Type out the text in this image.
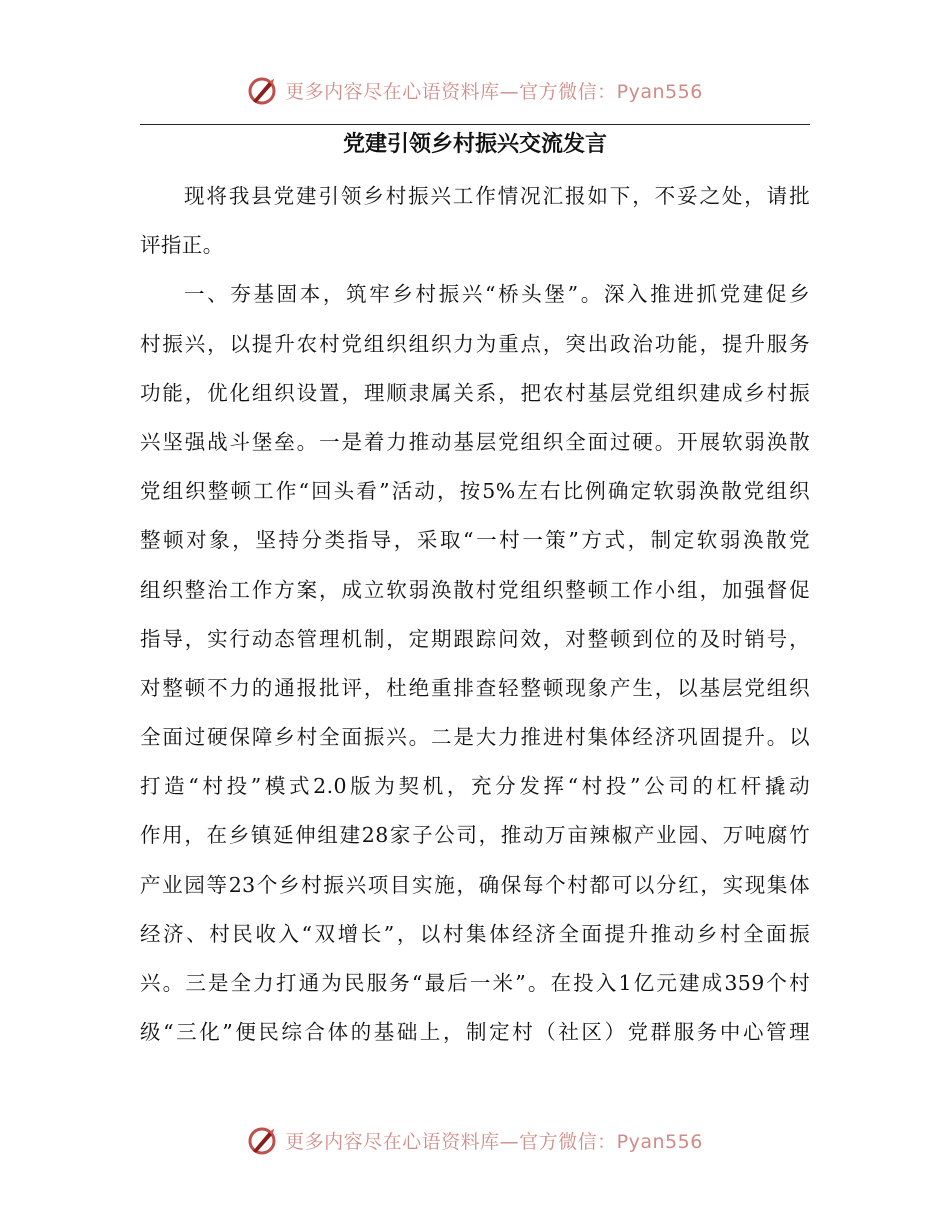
更多内容尽在心语资料库—官方微信：Pyan556
党建引领乡村振兴交流发言
现将我县党建引领乡村振兴工作情况汇报如下，不妥之处，请批
评指正。
一、夯基固本，筑牢乡村振兴“桥头堡”。深入推进抓党建促乡
村振兴，以提升农村党组织组织力为重点，突出政治功能，提升服务
功能，优化组织设置，理顺隶属关系，把农村基层党组织建成乡村振
兴坚强战斗堡垒。一是着力推动基层党组织全面过硬。开展软弱涣散
党组织整顿工作“回头看”活动，按5%左右比例确定软弱涣散党组织
整顿对象，坚持分类指导，采取“一村一策”方式，制定软弱涣散党
组织整治工作方案，成立软弱涣散村党组织整顿工作小组，加强督促
指导，实行动态管理机制，定期跟踪问效，对整顿到位的及时销号，
对整顿不力的通报批评，杜绝重排查轻整顿现象产生，以基层党组织
全面过硬保障乡村全面振兴。二是大力推进村集体经济巩固提升。以
打造“村投”模式2.0版为契机，充分发挥“村投”公司的杠杆撬动
作用，在乡镇延伸组建28家子公司，推动万亩辣椒产业园、万吨腐竹
产业园等23个乡村振兴项目实施，确保每个村都可以分红，实现集体
经济、村民收入“双增长”，以村集体经济全面提升推动乡村全面振
兴。三是全力打通为民服务“最后一米”。在投入1亿元建成359个村
级“三化”便民综合体的基础上，制定村（社区）党群服务中心管理
更多内容尽在心语资料库—官方微信：Pyan556
